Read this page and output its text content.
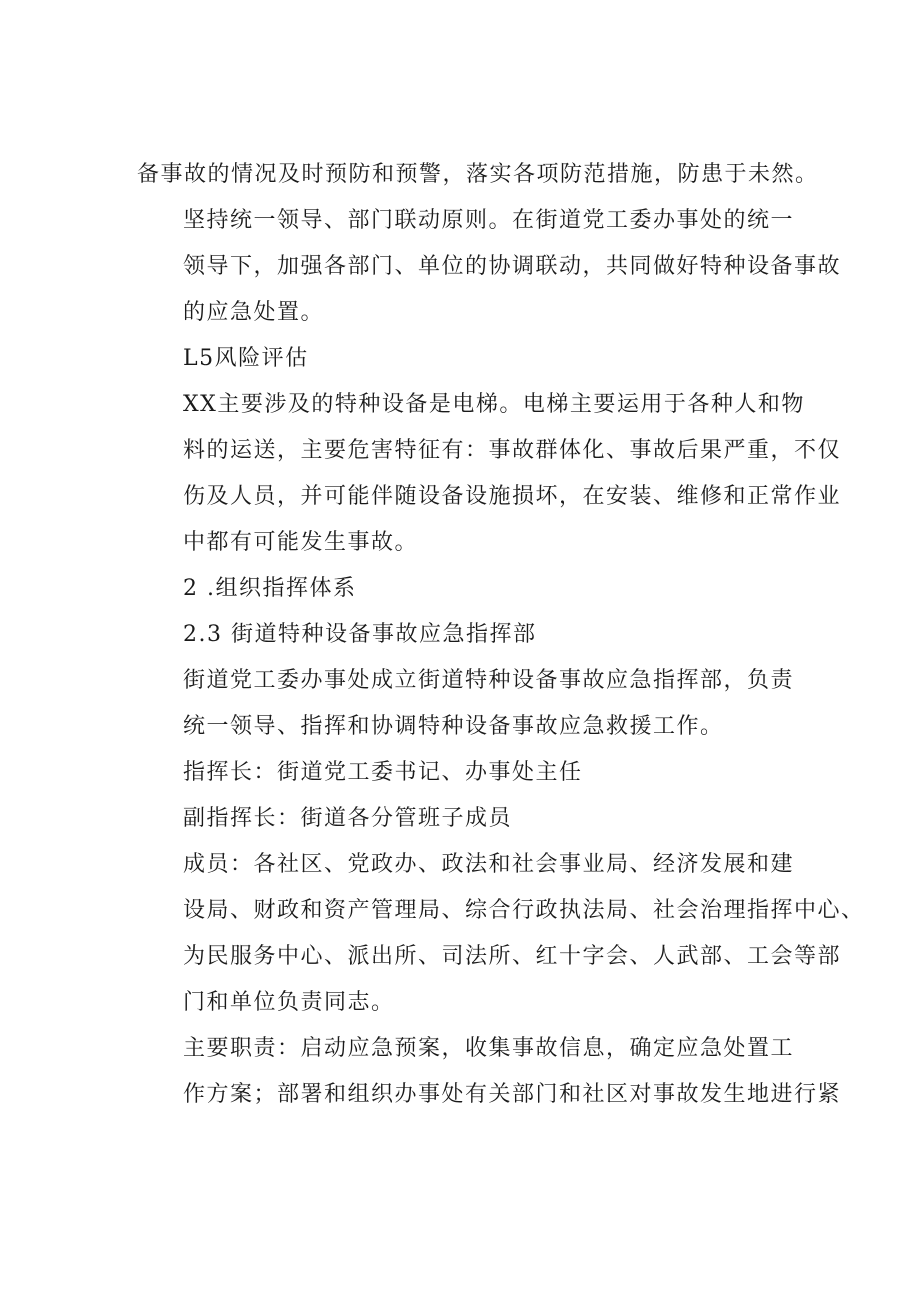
备事故的情况及时预防和预警，落实各项防范措施，防患于未然。

坚持统一领导、部门联动原则。在街道党工委办事处的统一
领导下，加强各部门、单位的协调联动，共同做好特种设备事故
的应急处置。

L5风险评估

XX主要涉及的特种设备是电梯。电梯主要运用于各种人和物
料的运送，主要危害特征有：事故群体化、事故后果严重，不仅
伤及人员，并可能伴随设备设施损坏，在安装、维修和正常作业
中都有可能发生事故。

2 .组织指挥体系

2.3 街道特种设备事故应急指挥部

街道党工委办事处成立街道特种设备事故应急指挥部，负责
统一领导、指挥和协调特种设备事故应急救援工作。

指挥长：街道党工委书记、办事处主任

副指挥长：街道各分管班子成员

成员：各社区、党政办、政法和社会事业局、经济发展和建
设局、财政和资产管理局、综合行政执法局、社会治理指挥中心、
为民服务中心、派出所、司法所、红十字会、人武部、工会等部
门和单位负责同志。

主要职责：启动应急预案，收集事故信息，确定应急处置工
作方案；部署和组织办事处有关部门和社区对事故发生地进行紧
